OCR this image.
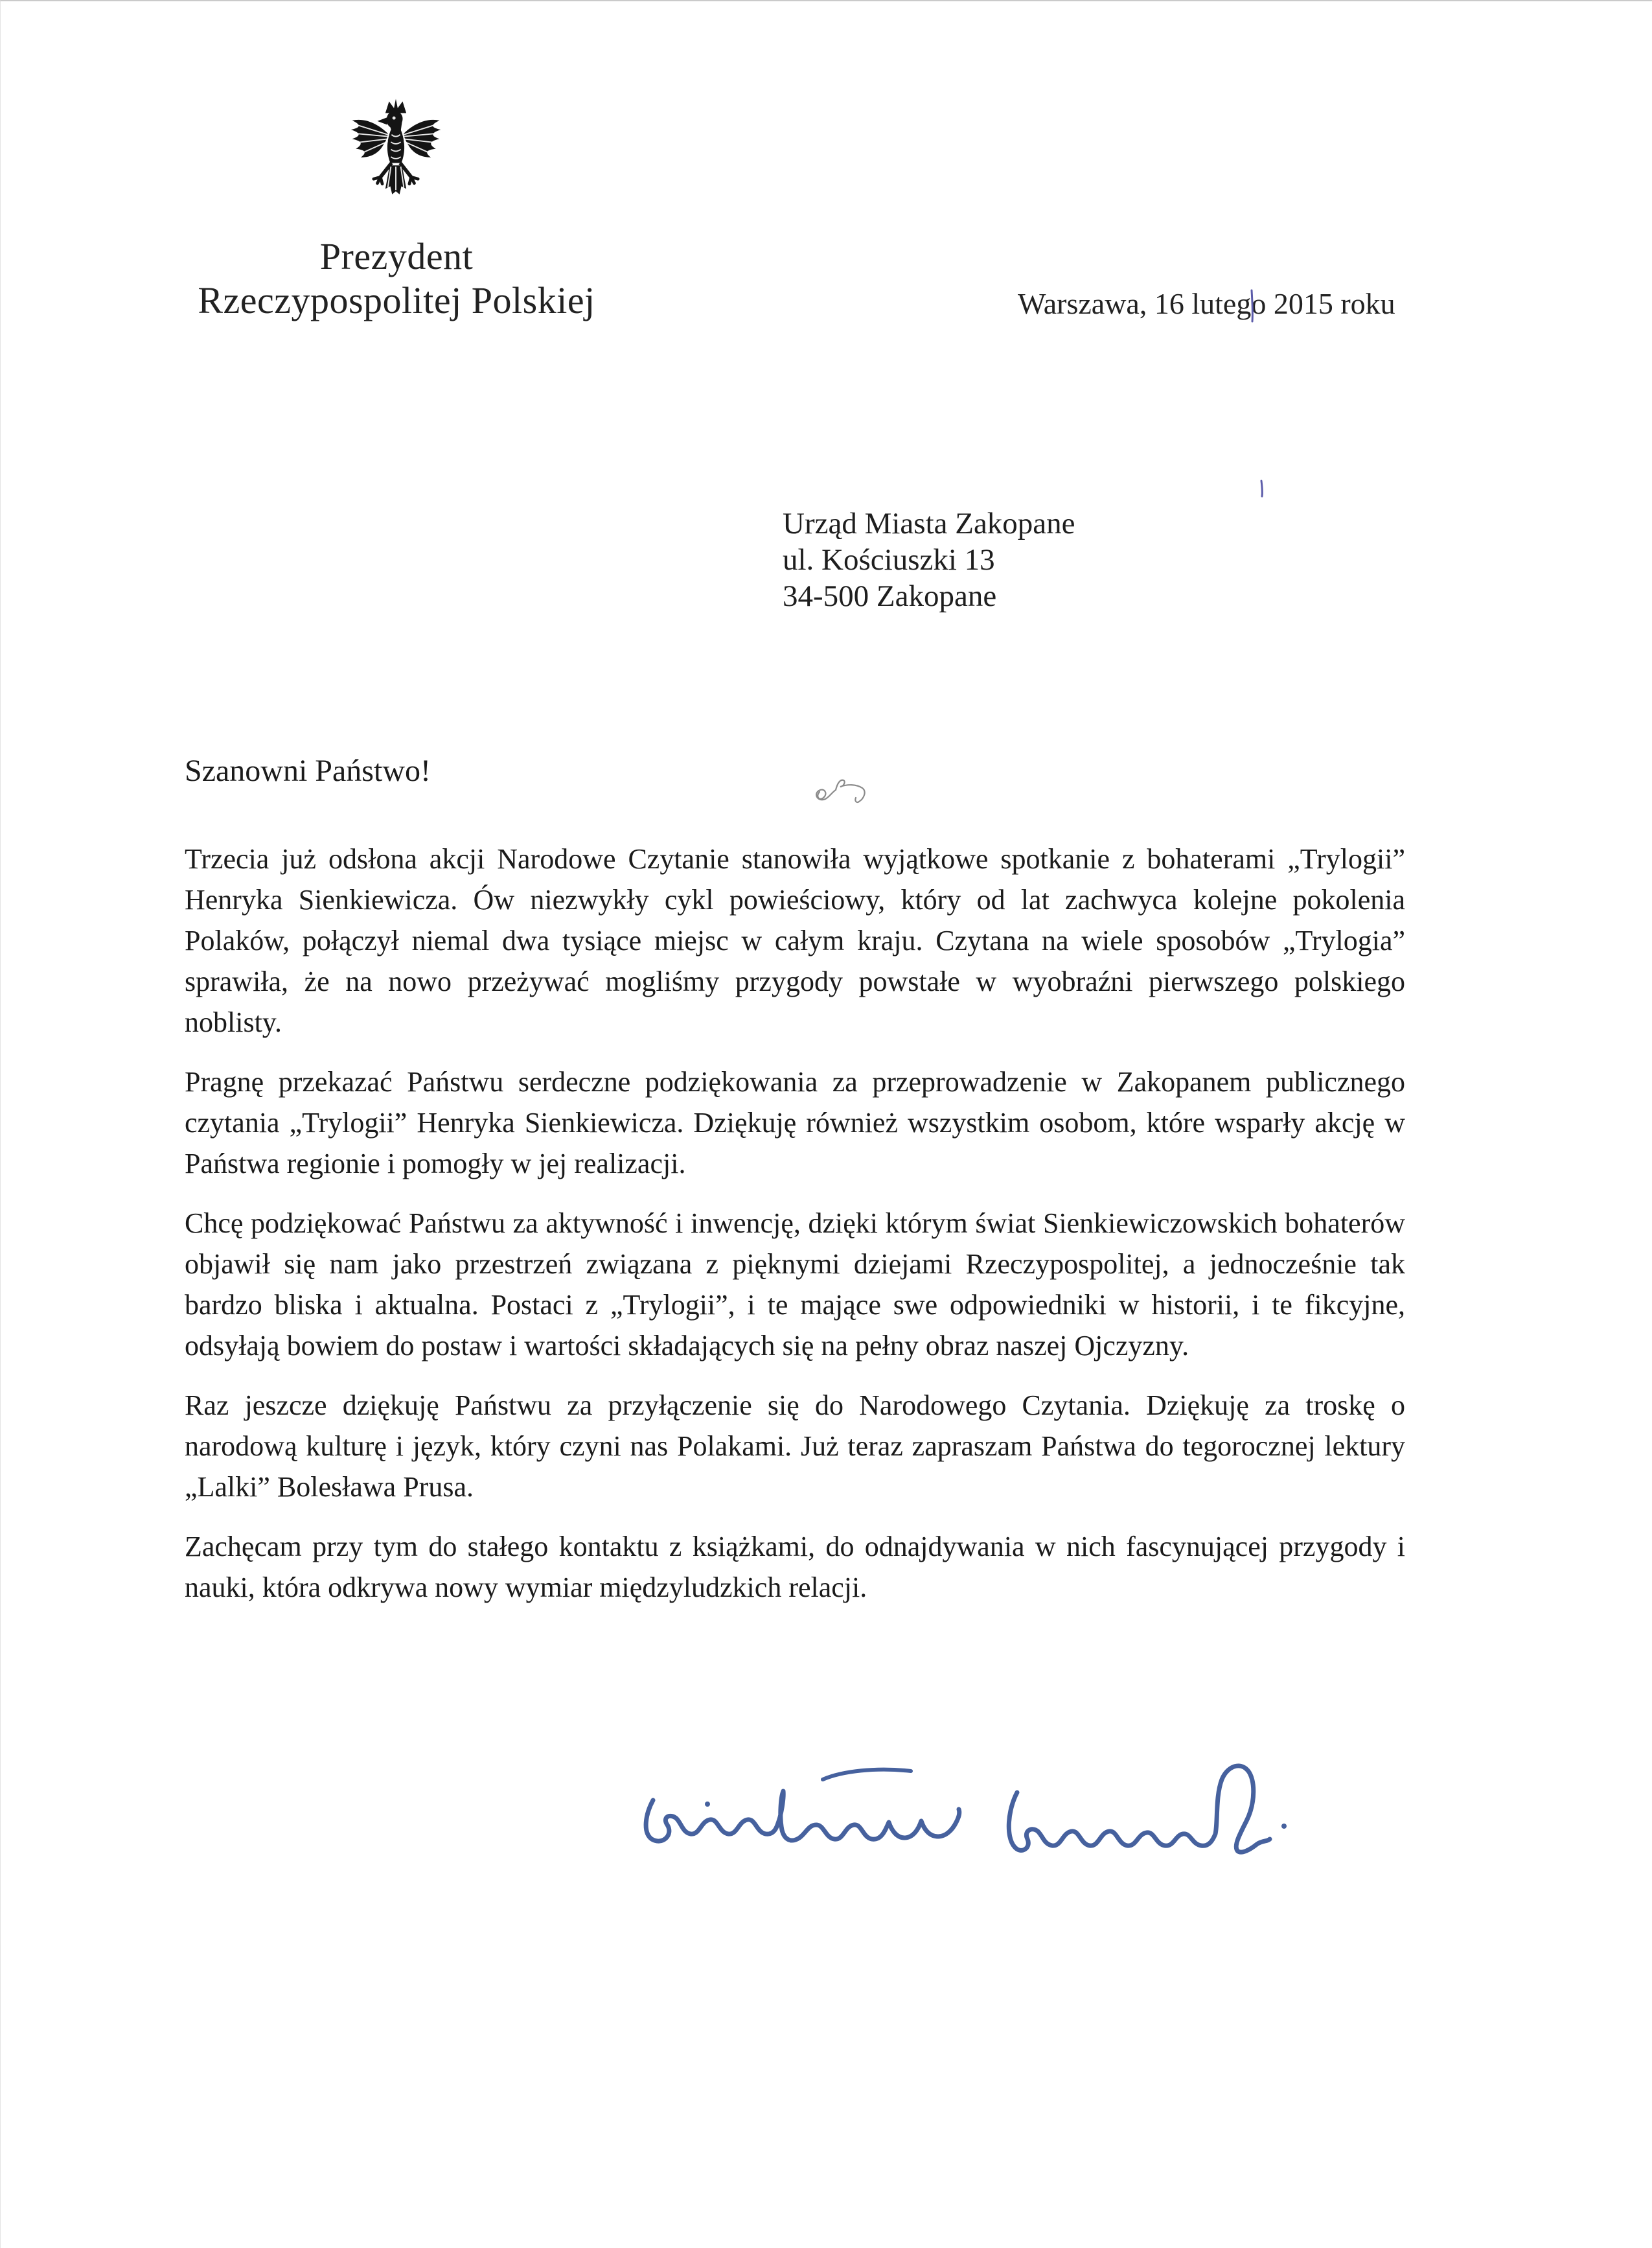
Prezydent
Rzeczypospolitej Polskiej	Warszawa, 16 lutego 2015 roku
Urząd Miasta Zakopane
ul. Kościuszki 13
34-500 Zakopane
Szanowni Państwo!

Trzecia już odsłona akcji Narodowe Czytanie stanowiła wyjątkowe spotkanie z bohaterami „Trylogii” Henryka Sienkiewicza. Ów niezwykły cykl powieściowy, który od lat zachwyca kolejne pokolenia Polaków, połączył niemal dwa tysiące miejsc w całym kraju. Czytana na wiele sposobów „Trylogia” sprawiła, że na nowo przeżywać mogliśmy przygody powstałe w wyobraźni pierwszego polskiego noblisty.

Pragnę przekazać Państwu serdeczne podziękowania za przeprowadzenie w Zakopanem publicznego czytania „Trylogii” Henryka Sienkiewicza. Dziękuję również wszystkim osobom, które wsparły akcję w Państwa regionie i pomogły w jej realizacji.

Chcę podziękować Państwu za aktywność i inwencję, dzięki którym świat Sienkiewiczowskich bohaterów objawił się nam jako przestrzeń związana z pięknymi dziejami Rzeczypospolitej, a jednocześnie tak bardzo bliska i aktualna. Postaci z „Trylogii”, i te mające swe odpowiedniki w historii, i te fikcyjne, odsyłają bowiem do postaw i wartości składających się na pełny obraz naszej Ojczyzny.

Raz jeszcze dziękuję Państwu za przyłączenie się do Narodowego Czytania. Dziękuję za troskę o narodową kulturę i język, który czyni nas Polakami. Już teraz zapraszam Państwa do tegorocznej lektury „Lalki” Bolesława Prusa.

Zachęcam przy tym do stałego kontaktu z książkami, do odnajdywania w nich fascynującej przygody i nauki, która odkrywa nowy wymiar międzyludzkich relacji.
